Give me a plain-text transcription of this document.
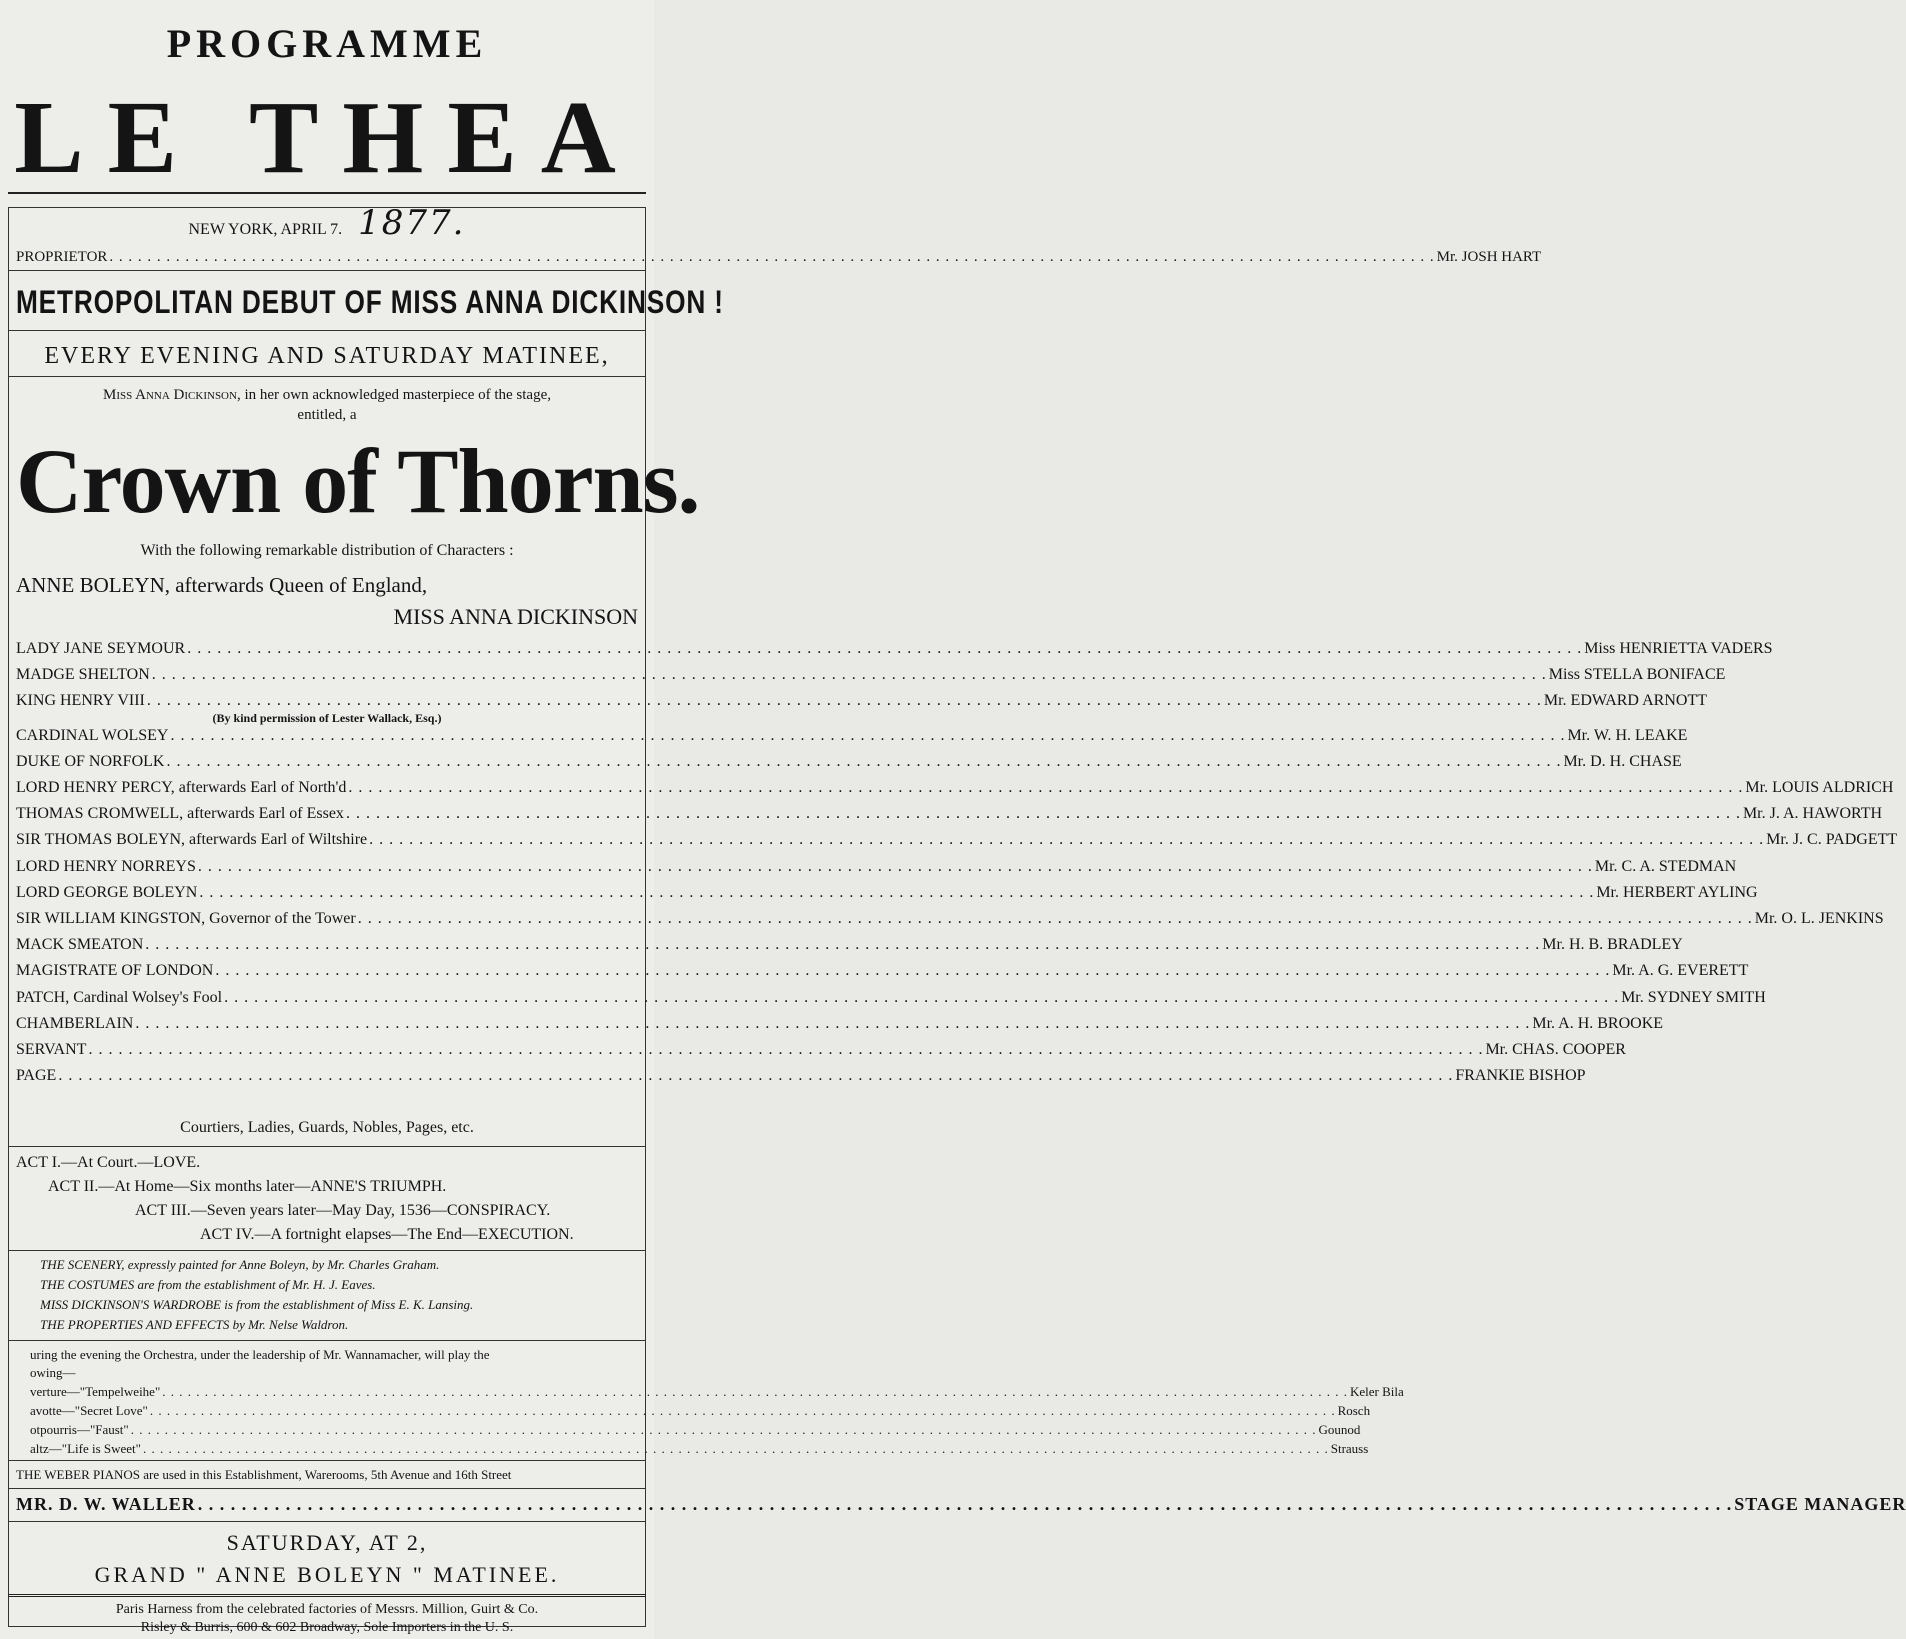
PROGRAMME
LE THEA
NEW YORK, APRIL 7. 1877.
PROPRIETOR . . .	Mr. JOSH HART
METROPOLITAN DEBUT OF MISS ANNA DICKINSON !
EVERY EVENING AND SATURDAY MATINEE,
Miss Anna Dickinson, in her own acknowledged masterpiece of the stage,
entitled, a
Crown of Thorns.
With the following remarkable distribution of Characters :
ANNE BOLEYN, afterwards Queen of England,
MISS ANNA DICKINSON
LADY JANE SEYMOUR . . .	Miss HENRIETTA VADERS
MADGE SHELTON . . .	Miss STELLA BONIFACE
KING HENRY VIII . . .	Mr. EDWARD ARNOTT
(By kind permission of Lester Wallack, Esq.)
CARDINAL WOLSEY . . .	Mr. W. H. LEAKE
DUKE OF NORFOLK . . .	Mr. D. H. CHASE
LORD HENRY PERCY, afterwards Earl of North'd . . .	Mr. LOUIS ALDRICH
THOMAS CROMWELL, afterwards Earl of Essex . . .	Mr. J. A. HAWORTH
SIR THOMAS BOLEYN, afterwards Earl of Wiltshire . . .	Mr. J. C. PADGETT
LORD HENRY NORREYS . . .	Mr. C. A. STEDMAN
LORD GEORGE BOLEYN . . .	Mr. HERBERT AYLING
SIR WILLIAM KINGSTON, Governor of the Tower . . .	Mr. O. L. JENKINS
MACK SMEATON . . .	Mr. H. B. BRADLEY
MAGISTRATE OF LONDON . . .	Mr. A. G. EVERETT
PATCH, Cardinal Wolsey's Fool . . .	Mr. SYDNEY SMITH
CHAMBERLAIN . . .	Mr. A. H. BROOKE
SERVANT . . .	Mr. CHAS. COOPER
PAGE . . .	FRANKIE BISHOP
Courtiers, Ladies, Guards, Nobles, Pages, etc.
ACT I.—At Court.—LOVE.
ACT II.—At Home—Six months later—ANNE'S TRIUMPH.
ACT III.—Seven years later—May Day, 1536—CONSPIRACY.
ACT IV.—A fortnight elapses—The End—EXECUTION.
THE SCENERY, expressly painted for Anne Boleyn, by Mr. Charles Graham.
THE COSTUMES are from the establishment of Mr. H. J. Eaves.
MISS DICKINSON'S WARDROBE is from the establishment of Miss E. K. Lansing.
THE PROPERTIES AND EFFECTS by Mr. Nelse Waldron.
uring the evening the Orchestra, under the leadership of Mr. Wannamacher, will play the
owing—
verture—"Tempelweihe" . . .	Keler Bila
avotte—"Secret Love" . . .	Rosch
otpourris—"Faust" . . .	Gounod
altz—"Life is Sweet" . . .	Strauss
THE WEBER PIANOS are used in this Establishment, Warerooms, 5th Avenue and 16th Street
MR. D. W. WALLER . . .	STAGE MANAGER
SATURDAY, AT 2,
GRAND " ANNE BOLEYN " MATINEE.
Paris Harness from the celebrated factories of Messrs. Million, Guirt & Co.
Risley & Burris, 600 & 602 Broadway, Sole Importers in the U. S.
